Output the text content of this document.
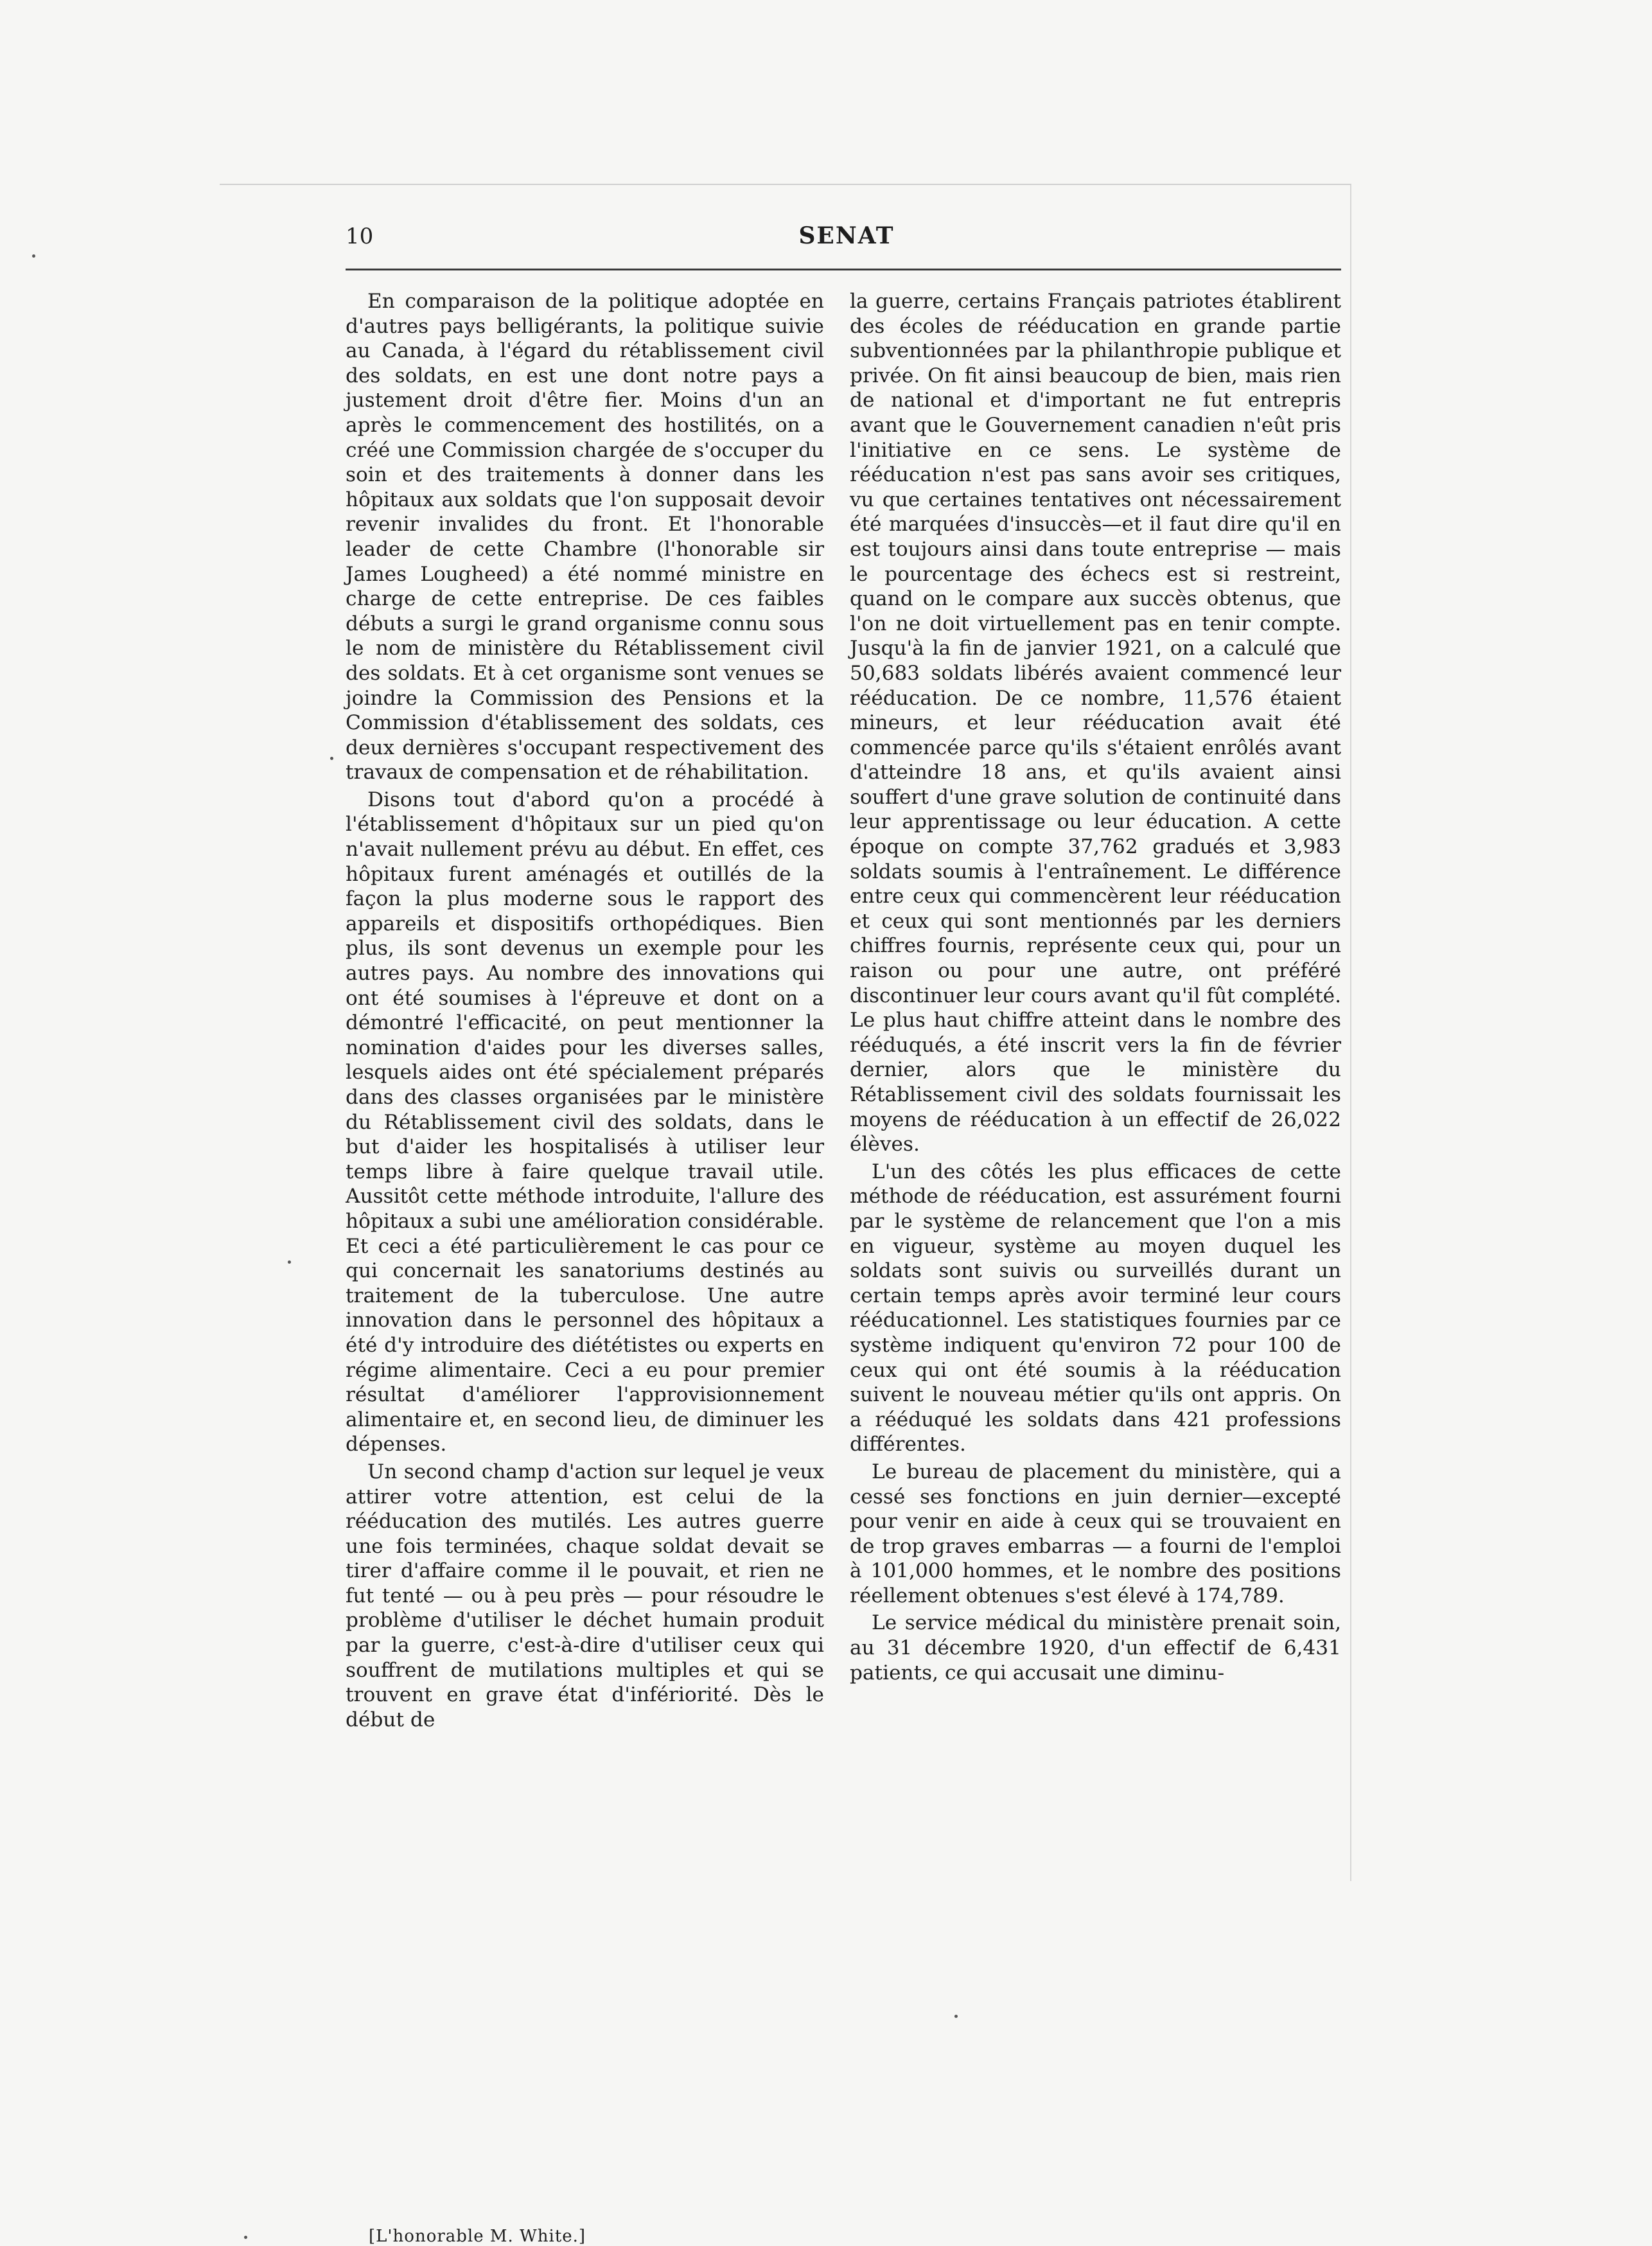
10	SENAT

En comparaison de la politique adoptée en d'autres pays belligérants, la politique suivie au Canada, à l'égard du rétablissement civil des soldats, en est une dont notre pays a justement droit d'être fier. Moins d'un an après le commencement des hostilités, on a créé une Commission chargée de s'occuper du soin et des traitements à donner dans les hôpitaux aux soldats que l'on supposait devoir revenir invalides du front. Et l'honorable leader de cette Chambre (l'honorable sir James Lougheed) a été nommé ministre en charge de cette entreprise. De ces faibles débuts a surgi le grand organisme connu sous le nom de ministère du Rétablissement civil des soldats. Et à cet organisme sont venues se joindre la Commission des Pensions et la Commission d'établissement des soldats, ces deux dernières s'occupant respectivement des travaux de compensation et de réhabilitation.

Disons tout d'abord qu'on a procédé à l'établissement d'hôpitaux sur un pied qu'on n'avait nullement prévu au début. En effet, ces hôpitaux furent aménagés et outillés de la façon la plus moderne sous le rapport des appareils et dispositifs orthopédiques. Bien plus, ils sont devenus un exemple pour les autres pays. Au nombre des innovations qui ont été soumises à l'épreuve et dont on a démontré l'efficacité, on peut mentionner la nomination d'aides pour les diverses salles, lesquels aides ont été spécialement préparés dans des classes organisées par le ministère du Rétablissement civil des soldats, dans le but d'aider les hospitalisés à utiliser leur temps libre à faire quelque travail utile. Aussitôt cette méthode introduite, l'allure des hôpitaux a subi une amélioration considérable. Et ceci a été particulièrement le cas pour ce qui concernait les sanatoriums destinés au traitement de la tuberculose. Une autre innovation dans le personnel des hôpitaux a été d'y introduire des diététistes ou experts en régime alimentaire. Ceci a eu pour premier résultat d'améliorer l'approvisionnement alimentaire et, en second lieu, de diminuer les dépenses.

Un second champ d'action sur lequel je veux attirer votre attention, est celui de la rééducation des mutilés. Les autres guerre une fois terminées, chaque soldat devait se tirer d'affaire comme il le pouvait, et rien ne fut tenté — ou à peu près — pour résoudre le problème d'utiliser le déchet humain produit par la guerre, c'est-à-dire d'utiliser ceux qui souffrent de mutilations multiples et qui se trouvent en grave état d'infériorité. Dès le début de

la guerre, certains Français patriotes établirent des écoles de rééducation en grande partie subventionnées par la philanthropie publique et privée. On fit ainsi beaucoup de bien, mais rien de national et d'important ne fut entrepris avant que le Gouvernement canadien n'eût pris l'initiative en ce sens. Le système de rééducation n'est pas sans avoir ses critiques, vu que certaines tentatives ont nécessairement été marquées d'insuccès—et il faut dire qu'il en est toujours ainsi dans toute entreprise — mais le pourcentage des échecs est si restreint, quand on le compare aux succès obtenus, que l'on ne doit virtuellement pas en tenir compte. Jusqu'à la fin de janvier 1921, on a calculé que 50,683 soldats libérés avaient commencé leur rééducation. De ce nombre, 11,576 étaient mineurs, et leur rééducation avait été commencée parce qu'ils s'étaient enrôlés avant d'atteindre 18 ans, et qu'ils avaient ainsi souffert d'une grave solution de continuité dans leur apprentissage ou leur éducation. A cette époque on compte 37,762 gradués et 3,983 soldats soumis à l'entraînement. Le différence entre ceux qui commencèrent leur rééducation et ceux qui sont mentionnés par les derniers chiffres fournis, représente ceux qui, pour un raison ou pour une autre, ont préféré discontinuer leur cours avant qu'il fût complété. Le plus haut chiffre atteint dans le nombre des rééduqués, a été inscrit vers la fin de février dernier, alors que le ministère du Rétablissement civil des soldats fournissait les moyens de rééducation à un effectif de 26,022 élèves.

L'un des côtés les plus efficaces de cette méthode de rééducation, est assurément fourni par le système de relancement que l'on a mis en vigueur, système au moyen duquel les soldats sont suivis ou surveillés durant un certain temps après avoir terminé leur cours rééducationnel. Les statistiques fournies par ce système indiquent qu'environ 72 pour 100 de ceux qui ont été soumis à la rééducation suivent le nouveau métier qu'ils ont appris. On a rééduqué les soldats dans 421 professions différentes.

Le bureau de placement du ministère, qui a cessé ses fonctions en juin dernier—excepté pour venir en aide à ceux qui se trouvaient en de trop graves embarras — a fourni de l'emploi à 101,000 hommes, et le nombre des positions réellement obtenues s'est élevé à 174,789.

Le service médical du ministère prenait soin, au 31 décembre 1920, d'un effectif de 6,431 patients, ce qui accusait une diminu-

[L'honorable M. White.]
